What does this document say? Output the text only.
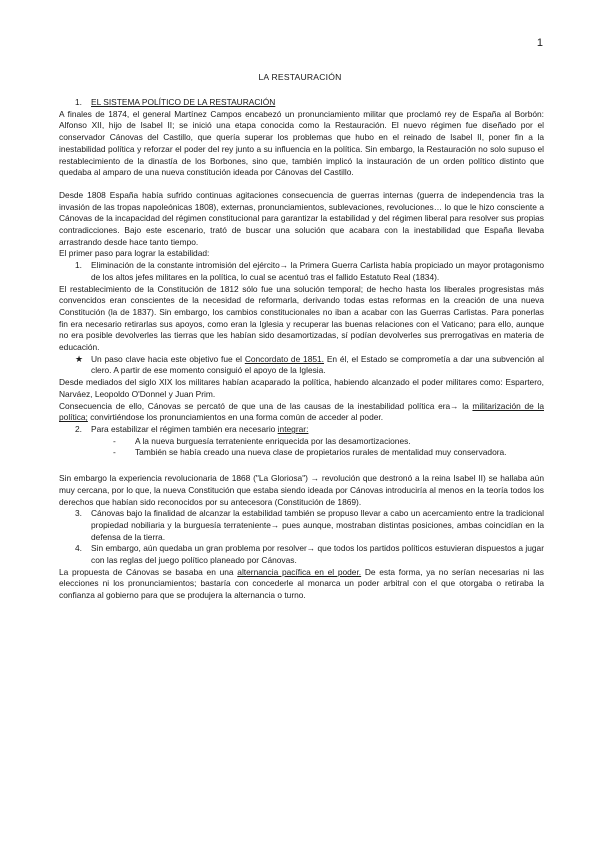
1
LA RESTAURACIÓN
1.	EL SISTEMA POLÍTICO DE LA RESTAURACIÓN

A finales de 1874, el general Martínez Campos encabezó un pronunciamiento militar que proclamó rey de España al Borbón: Alfonso XII, hijo de Isabel II; se inició una etapa conocida como la Restauración. El nuevo régimen fue diseñado por el conservador Cánovas del Castillo, que quería superar los problemas que hubo en el reinado de Isabel II, poner fin a la inestabilidad política y reforzar el poder del rey junto a su influencia en la política. Sin embargo, la Restauración no solo supuso el restablecimiento de la dinastía de los Borbones, sino que, también implicó la instauración de un orden político distinto que quedaba al amparo de una nueva constitución ideada por Cánovas del Castillo.

Desde 1808 España había sufrido continuas agitaciones consecuencia de guerras internas (guerra de independencia tras la invasión de las tropas napoleónicas 1808), externas, pronunciamientos, sublevaciones, revoluciones… lo que le hizo consciente a Cánovas de la incapacidad del régimen constitucional para garantizar la estabilidad y del régimen liberal para resolver sus propias contradicciones. Bajo este escenario, trató de buscar una solución que acabara con la inestabilidad que España llevaba arrastrando desde hace tanto tiempo.

El primer paso para lograr la estabilidad:

1.	Eliminación de la constante intromisión del ejército→ la Primera Guerra Carlista había propiciado un mayor protagonismo de los altos jefes militares en la política, lo cual se acentuó tras el fallido Estatuto Real (1834).

El restablecimiento de la Constitución de 1812 sólo fue una solución temporal; de hecho hasta los liberales progresistas más convencidos eran conscientes de la necesidad de reformarla, derivando todas estas reformas en la creación de una nueva Constitución (la de 1837). Sin embargo, los cambios constitucionales no iban a acabar con las Guerras Carlistas. Para ponerlas fin era necesario retirarlas sus apoyos, como eran la Iglesia y recuperar las buenas relaciones con el Vaticano; para ello, aunque no era posible devolverles las tierras que les habían sido desamortizadas, sí podían devolverles sus prerrogativas en materia de educación.

★ Un paso clave hacia este objetivo fue el Concordato de 1851. En él, el Estado se comprometía a dar una subvención al clero. A partir de ese momento consiguió el apoyo de la Iglesia.

Desde mediados del siglo XIX los militares habían acaparado la política, habiendo alcanzado el poder militares como: Espartero, Narváez, Leopoldo O'Donnel y Juan Prim.

Consecuencia de ello, Cánovas se percató de que una de las causas de la inestabilidad política era→ la militarización de la política; convirtiéndose los pronunciamientos en una forma común de acceder al poder.

2.	Para estabilizar el régimen también era necesario integrar:
-	A la nueva burguesía terrateniente enriquecida por las desamortizaciones.
-	También se había creado una nueva clase de propietarios rurales de mentalidad muy conservadora.

Sin embargo la experiencia revolucionaria de 1868 ("La Gloriosa") → revolución que destronó a la reina Isabel II) se hallaba aún muy cercana, por lo que, la nueva Constitución que estaba siendo ideada por Cánovas introduciría al menos en la teoría todos los derechos que habían sido reconocidos por su antecesora (Constitución de 1869).

3.	Cánovas bajo la finalidad de alcanzar la estabilidad también se propuso llevar a cabo un acercamiento entre la tradicional propiedad nobiliaria y la burguesía terrateniente→ pues aunque, mostraban distintas posiciones, ambas coincidían en la defensa de la tierra.
4.	Sin embargo, aún quedaba un gran problema por resolver→ que todos los partidos políticos estuvieran dispuestos a jugar con las reglas del juego político planeado por Cánovas.

La propuesta de Cánovas se basaba en una alternancia pacífica en el poder. De esta forma, ya no serían necesarias ni las elecciones ni los pronunciamientos; bastaría con concederle al monarca un poder arbitral con el que otorgaba o retiraba la confianza al gobierno para que se produjera la alternancia o turno.
